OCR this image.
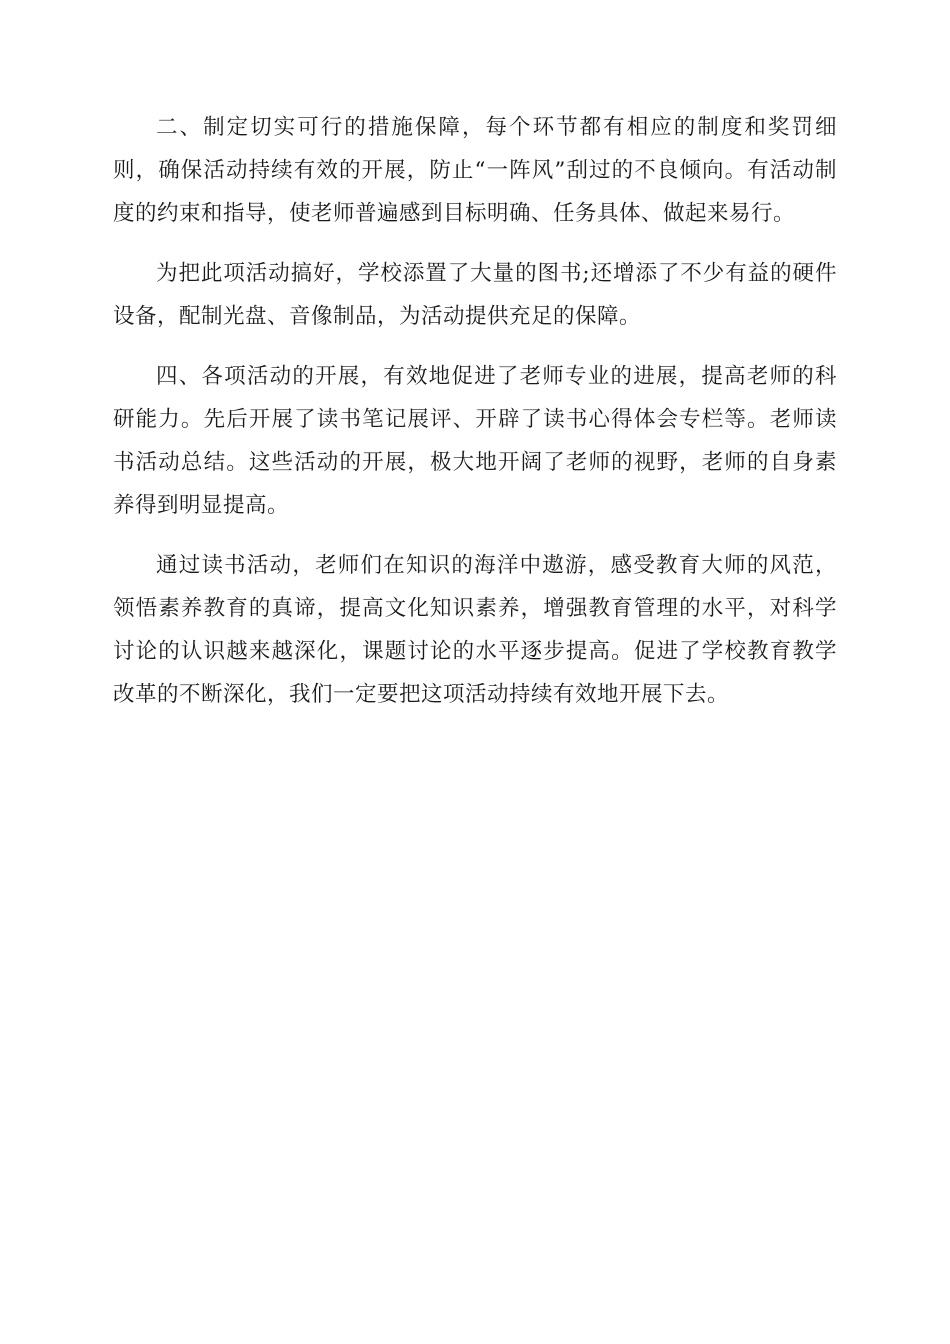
二、制定切实可行的措施保障，每个环节都有相应的制度和奖罚细则，确保活动持续有效的开展，防止“一阵风”刮过的不良倾向。有活动制度的约束和指导，使老师普遍感到目标明确、任务具体、做起来易行。

为把此项活动搞好，学校添置了大量的图书;还增添了不少有益的硬件设备，配制光盘、音像制品，为活动提供充足的保障。

四、各项活动的开展，有效地促进了老师专业的进展，提高老师的科研能力。先后开展了读书笔记展评、开辟了读书心得体会专栏等。老师读书活动总结。这些活动的开展，极大地开阔了老师的视野，老师的自身素养得到明显提高。

通过读书活动，老师们在知识的海洋中遨游，感受教育大师的风范，领悟素养教育的真谛，提高文化知识素养，增强教育管理的水平，对科学讨论的认识越来越深化，课题讨论的水平逐步提高。促进了学校教育教学改革的不断深化，我们一定要把这项活动持续有效地开展下去。
